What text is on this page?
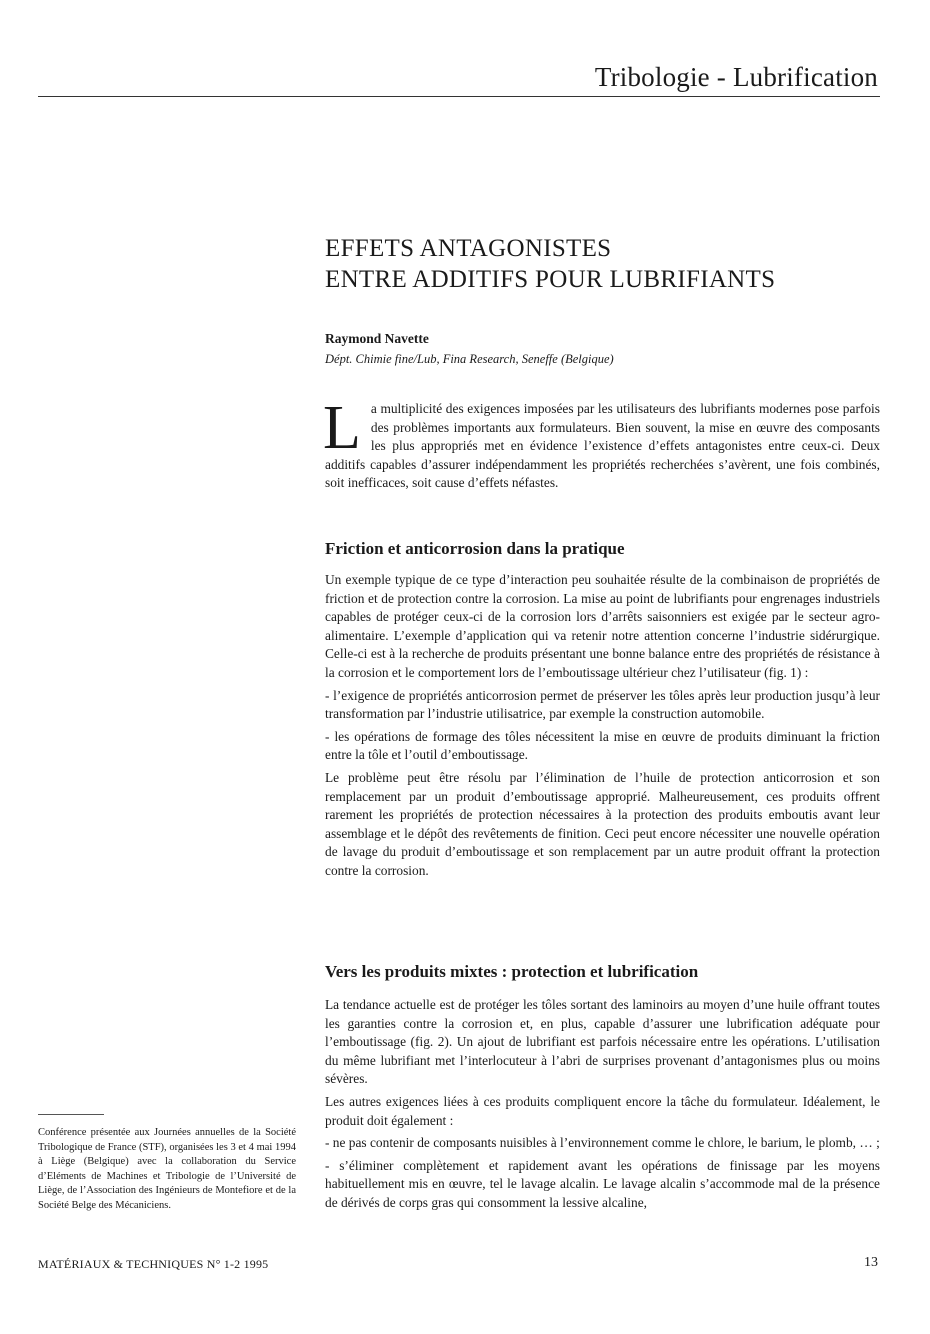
Tribologie - Lubrification
EFFETS ANTAGONISTES
ENTRE ADDITIFS POUR LUBRIFIANTS
Raymond Navette
Dépt. Chimie fine/Lub, Fina Research, Seneffe (Belgique)
L a multiplicité des exigences imposées par les utilisateurs des lubrifiants modernes pose parfois des problèmes importants aux formulateurs. Bien souvent, la mise en œuvre des composants les plus appropriés met en évidence l’existence d’effets antagonistes entre ceux-ci. Deux additifs capables d’assurer indépendamment les propriétés recherchées s’avèrent, une fois combinés, soit inefficaces, soit cause d’effets néfastes.

Friction et anticorrosion dans la pratique

Un exemple typique de ce type d’interaction peu souhaitée résulte de la combinaison de propriétés de friction et de protection contre la corrosion. La mise au point de lubrifiants pour engrenages industriels capables de protéger ceux-ci de la corrosion lors d’arrêts saisonniers est exigée par le secteur agro-alimentaire. L’exemple d’application qui va retenir notre attention concerne l’industrie sidérurgique. Celle-ci est à la recherche de produits présentant une bonne balance entre des propriétés de résistance à la corrosion et le comportement lors de l’emboutissage ultérieur chez l’utilisateur (fig. 1) :

- l’exigence de propriétés anticorrosion permet de préserver les tôles après leur production jusqu’à leur transformation par l’industrie utilisatrice, par exemple la construction automobile.

- les opérations de formage des tôles nécessitent la mise en œuvre de produits diminuant la friction entre la tôle et l’outil d’emboutissage.

Le problème peut être résolu par l’élimination de l’huile de protection anticorrosion et son remplacement par un produit d’emboutissage approprié. Malheureusement, ces produits offrent rarement les propriétés de protection nécessaires à la protection des produits emboutis avant leur assemblage et le dépôt des revêtements de finition. Ceci peut encore nécessiter une nouvelle opération de lavage du produit d’emboutissage et son remplacement par un autre produit offrant la protection contre la corrosion.

Vers les produits mixtes : protection et lubrification

La tendance actuelle est de protéger les tôles sortant des laminoirs au moyen d’une huile offrant toutes les garanties contre la corrosion et, en plus, capable d’assurer une lubrification adéquate pour l’emboutissage (fig. 2). Un ajout de lubrifiant est parfois nécessaire entre les opérations. L’utilisation du même lubrifiant met l’interlocuteur à l’abri de surprises provenant d’antagonismes plus ou moins sévères.

Les autres exigences liées à ces produits compliquent encore la tâche du formulateur. Idéalement, le produit doit également :

- ne pas contenir de composants nuisibles à l’environnement comme le chlore, le barium, le plomb, … ;

- s’éliminer complètement et rapidement avant les opérations de finissage par les moyens habituellement mis en œuvre, tel le lavage alcalin. Le lavage alcalin s’accommode mal de la présence de dérivés de corps gras qui consomment la lessive alcaline,

Conférence présentée aux Journées annuelles de la Société Tribologique de France (STF), organisées les 3 et 4 mai 1994 à Liège (Belgique) avec la collaboration du Service d’Eléments de Machines et Tribologie de l’Université de Liège, de l’Association des Ingénieurs de Montefiore et de la Société Belge des Mécaniciens.

MATÉRIAUX & TECHNIQUES N° 1-2 1995	13
